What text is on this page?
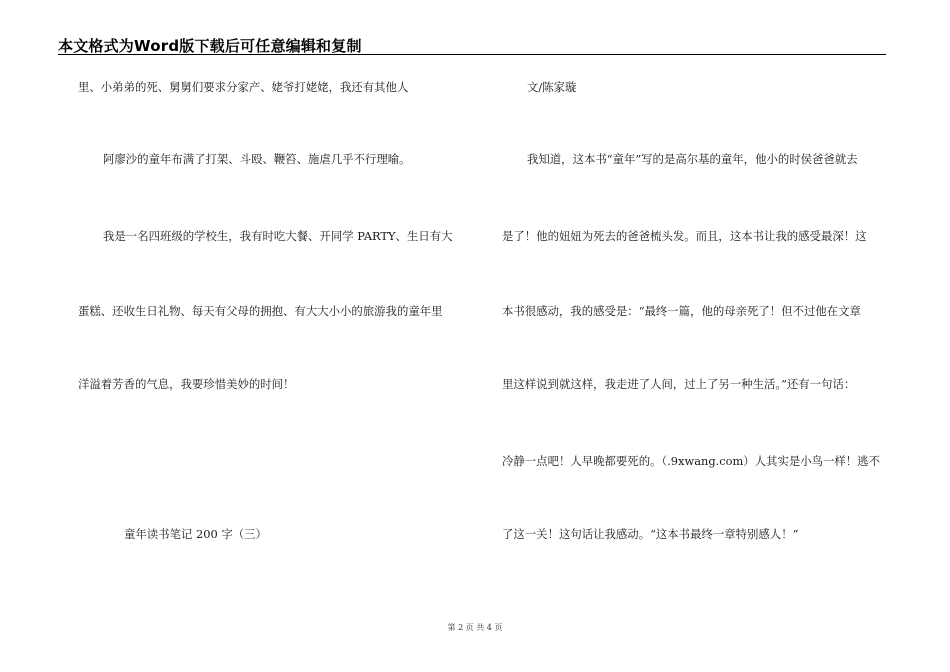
本文格式为Word版下载后可任意编辑和复制
里、小弟弟的死、舅舅们要求分家产、姥爷打姥姥，我还有其他人
阿廖沙的童年布满了打架、斗殴、鞭笞、施虐几乎不行理喻。
我是一名四班级的学校生，我有时吃大餐、开同学 PARTY、生日有大
蛋糕、还收生日礼物、每天有父母的拥抱、有大大小小的旅游我的童年里
洋溢着芳香的气息，我要珍惜美妙的时间！
童年读书笔记 200 字（三）
文/陈家璇
我知道，这本书“童年”写的是高尔基的童年，他小的时侯爸爸就去
是了！他的妞妞为死去的爸爸梳头发。而且，这本书让我的感受最深！这
本书很感动，我的感受是：“最终一篇，他的母亲死了！但不过他在文章
里这样说到就这样，我走进了人间，过上了另一种生活。”还有一句话：
冷静一点吧！人早晚都要死的。（.9xwang.com）人其实是小鸟一样！逃不
了这一关！这句话让我感动。“这本书最终一章特别感人！”
第 2 页 共 4 页
